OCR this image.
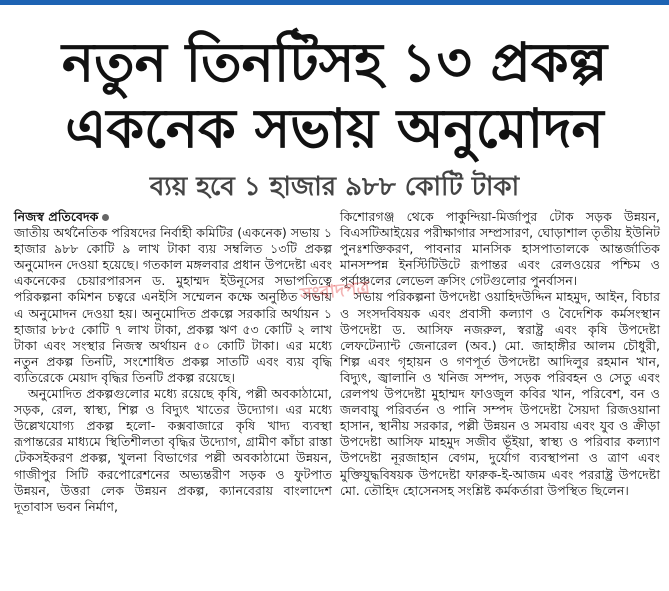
নতুন তিনটিসহ ১৩ প্রকল্প
একনেক সভায় অনুমোদন
ব্যয় হবে ১ হাজার ৯৮৮ কোটি টাকা

নিজস্ব প্রতিবেদক

জাতীয় অর্থনৈতিক পরিষদের নির্বাহী কমিটির (একনেক) সভায় ১ হাজার ৯৮৮ কোটি ৯ লাখ টাকা ব্যয় সম্বলিত ১৩টি প্রকল্প অনুমোদন দেওয়া হয়েছে। গতকাল মঙ্গলবার প্রধান উপদেষ্টা এবং একনেকের চেয়ারপারসন ড. মুহাম্মদ ইউনূসের সভাপতিত্বে পরিকল্পনা কমিশন চত্বরে এনইসি সম্মেলন কক্ষে অনুষ্ঠিত সভায় এ অনুমোদন দেওয়া হয়। অনুমোদিত প্রকল্পে সরকারি অর্থায়ন ১ হাজার ৮৮৫ কোটি ৭ লাখ টাকা, প্রকল্প ঋণ ৫৩ কোটি ২ লাখ টাকা এবং সংস্থার নিজস্ব অর্থায়ন ৫০ কোটি টাকা। এর মধ্যে নতুন প্রকল্প তিনটি, সংশোধিত প্রকল্প সাতটি এবং ব্যয় বৃদ্ধি ব্যতিরেকে মেয়াদ বৃদ্ধির তিনটি প্রকল্প রয়েছে।

অনুমোদিত প্রকল্পগুলোর মধ্যে রয়েছে কৃষি, পল্লী অবকাঠামো, সড়ক, রেল, স্বাস্থ্য, শিল্প ও বিদ্যুৎ খাতের উদ্যোগ। এর মধ্যে উল্লেখযোগ্য প্রকল্প হলো- কক্সবাজারে কৃষি খাদ্য ব্যবস্থা রূপান্তরের মাধ্যমে স্থিতিশীলতা বৃদ্ধির উদ্যোগ, গ্রামীণ কাঁচা রাস্তা টেকসইকরণ প্রকল্প, খুলনা বিভাগের পল্লী অবকাঠামো উন্নয়ন, গাজীপুর সিটি করপোরেশনের অভ্যন্তরীণ সড়ক ও ফুটপাত উন্নয়ন, উত্তরা লেক উন্নয়ন প্রকল্প, ক্যানবেরায় বাংলাদেশ দূতাবাস ভবন নির্মাণ,

কিশোরগঞ্জ থেকে পাকুন্দিয়া-মির্জাপুর টোক সড়ক উন্নয়ন, বিএসটিআইয়ের পরীক্ষাগার সম্প্রসারণ, ঘোড়াশাল তৃতীয় ইউনিট পুনঃশক্তিকরণ, পাবনার মানসিক হাসপাতালকে আন্তর্জাতিক মানসম্পন্ন ইনস্টিটিউটে রূপান্তর এবং রেলওয়ের পশ্চিম ও পূর্বাঞ্চলের লেভেল ক্রসিং গেটগুলোর পুনর্বাসন।

সভায় পরিকল্পনা উপদেষ্টা ওয়াহিদউদ্দিন মাহমুদ, আইন, বিচার ও সংসদবিষয়ক এবং প্রবাসী কল্যাণ ও বৈদেশিক কর্মসংস্থান উপদেষ্টা ড. আসিফ নজরুল, স্বরাষ্ট্র এবং কৃষি উপদেষ্টা লেফটেন্যান্ট জেনারেল (অব.) মো. জাহাঙ্গীর আলম চৌধুরী, শিল্প এবং গৃহায়ন ও গণপূর্ত উপদেষ্টা আদিলুর রহমান খান, বিদ্যুৎ, জ্বালানি ও খনিজ সম্পদ, সড়ক পরিবহন ও সেতু এবং রেলপথ উপদেষ্টা মুহাম্মদ ফাওজুল কবির খান, পরিবেশ, বন ও জলবায়ু পরিবর্তন ও পানি সম্পদ উপদেষ্টা সৈয়দা রিজওয়ানা হাসান, স্থানীয় সরকার, পল্লী উন্নয়ন ও সমবায় এবং যুব ও ক্রীড়া উপদেষ্টা আসিফ মাহমুদ সজীব ভূঁইয়া, স্বাস্থ্য ও পরিবার কল্যাণ উপদেষ্টা নূরজাহান বেগম, দুর্যোগ ব্যবস্থাপনা ও ত্রাণ এবং মুক্তিযুদ্ধবিষয়ক উপদেষ্টা ফারুক-ই-আজম এবং পররাষ্ট্র উপদেষ্টা মো. তৌহিদ হোসেনসহ সংশ্লিষ্ট কর্মকর্তারা উপস্থিত ছিলেন।

সংবাদপত্র
